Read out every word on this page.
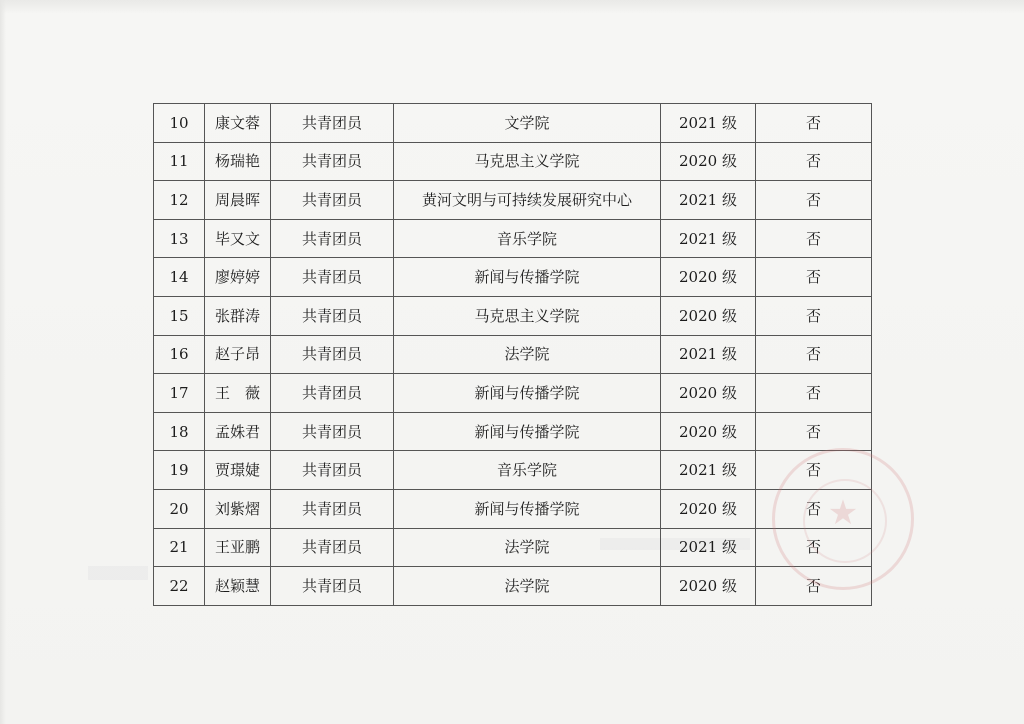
10	康文蓉	共青团员	文学院	2021 级	否
11	杨瑞艳	共青团员	马克思主义学院	2020 级	否
12	周晨晖	共青团员	黄河文明与可持续发展研究中心	2021 级	否
13	毕又文	共青团员	音乐学院	2021 级	否
14	廖婷婷	共青团员	新闻与传播学院	2020 级	否
15	张群涛	共青团员	马克思主义学院	2020 级	否
16	赵子昂	共青团员	法学院	2021 级	否
17	王　薇	共青团员	新闻与传播学院	2020 级	否
18	孟姝君	共青团员	新闻与传播学院	2020 级	否
19	贾璟婕	共青团员	音乐学院	2021 级	否
20	刘紫熠	共青团员	新闻与传播学院	2020 级	否
21	王亚鹏	共青团员	法学院	2021 级	否
22	赵颖慧	共青团员	法学院	2020 级	否
★
